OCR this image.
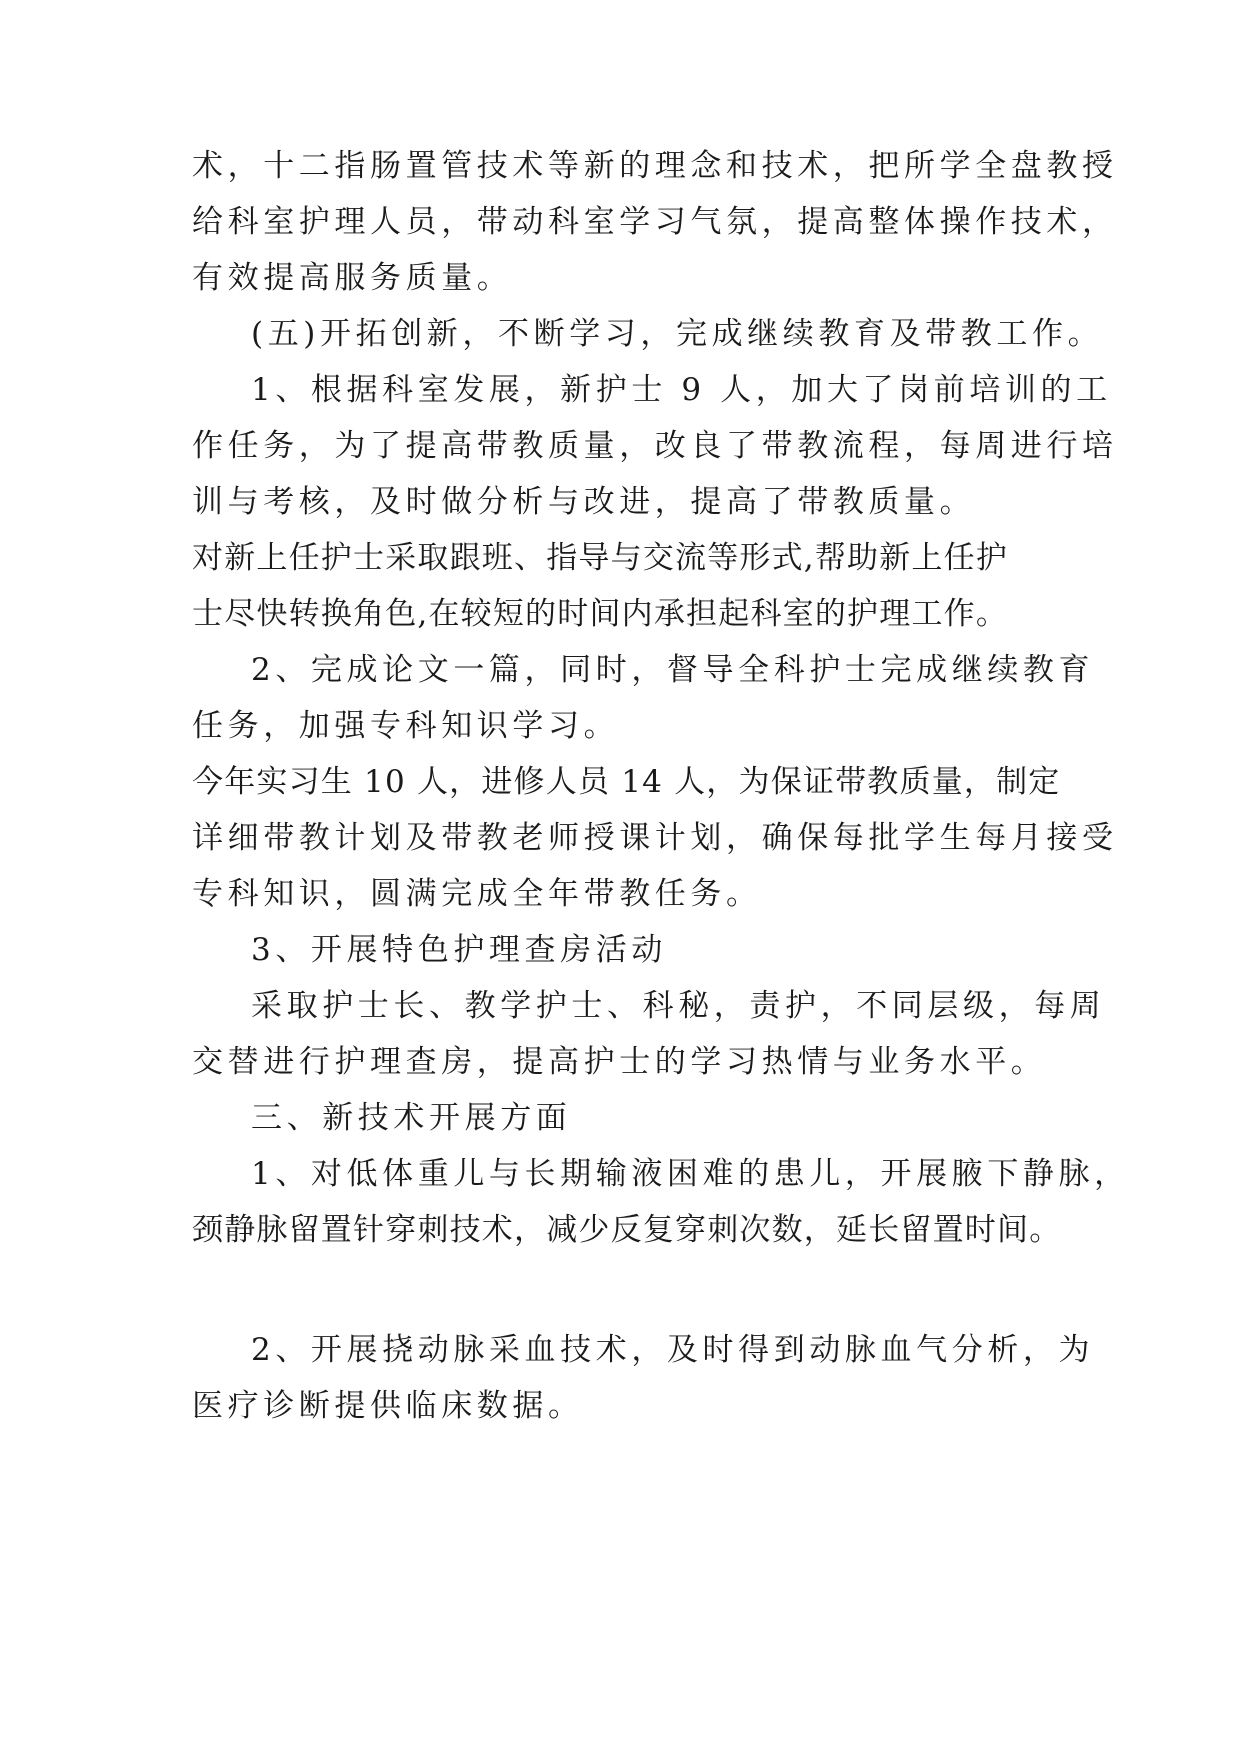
术，十二指肠置管技术等新的理念和技术，把所学全盘教授
给科室护理人员，带动科室学习气氛，提高整体操作技术，
有效提高服务质量。
(五)开拓创新，不断学习，完成继续教育及带教工作。
1、根据科室发展，新护士 9 人，加大了岗前培训的工
作任务，为了提高带教质量，改良了带教流程，每周进行培
训与考核，及时做分析与改进，提高了带教质量。
对新上任护士采取跟班、指导与交流等形式,帮助新上任护
士尽快转换角色,在较短的时间内承担起科室的护理工作。
2、完成论文一篇，同时，督导全科护士完成继续教育
任务，加强专科知识学习。
今年实习生 10 人，进修人员 14 人，为保证带教质量，制定
详细带教计划及带教老师授课计划，确保每批学生每月接受
专科知识，圆满完成全年带教任务。
3、开展特色护理查房活动
采取护士长、教学护士、科秘，责护，不同层级，每周
交替进行护理查房，提高护士的学习热情与业务水平。
三、新技术开展方面
1、对低体重儿与长期输液困难的患儿，开展腋下静脉，
颈静脉留置针穿刺技术，减少反复穿刺次数，延长留置时间。
2、开展挠动脉采血技术，及时得到动脉血气分析，为
医疗诊断提供临床数据。
